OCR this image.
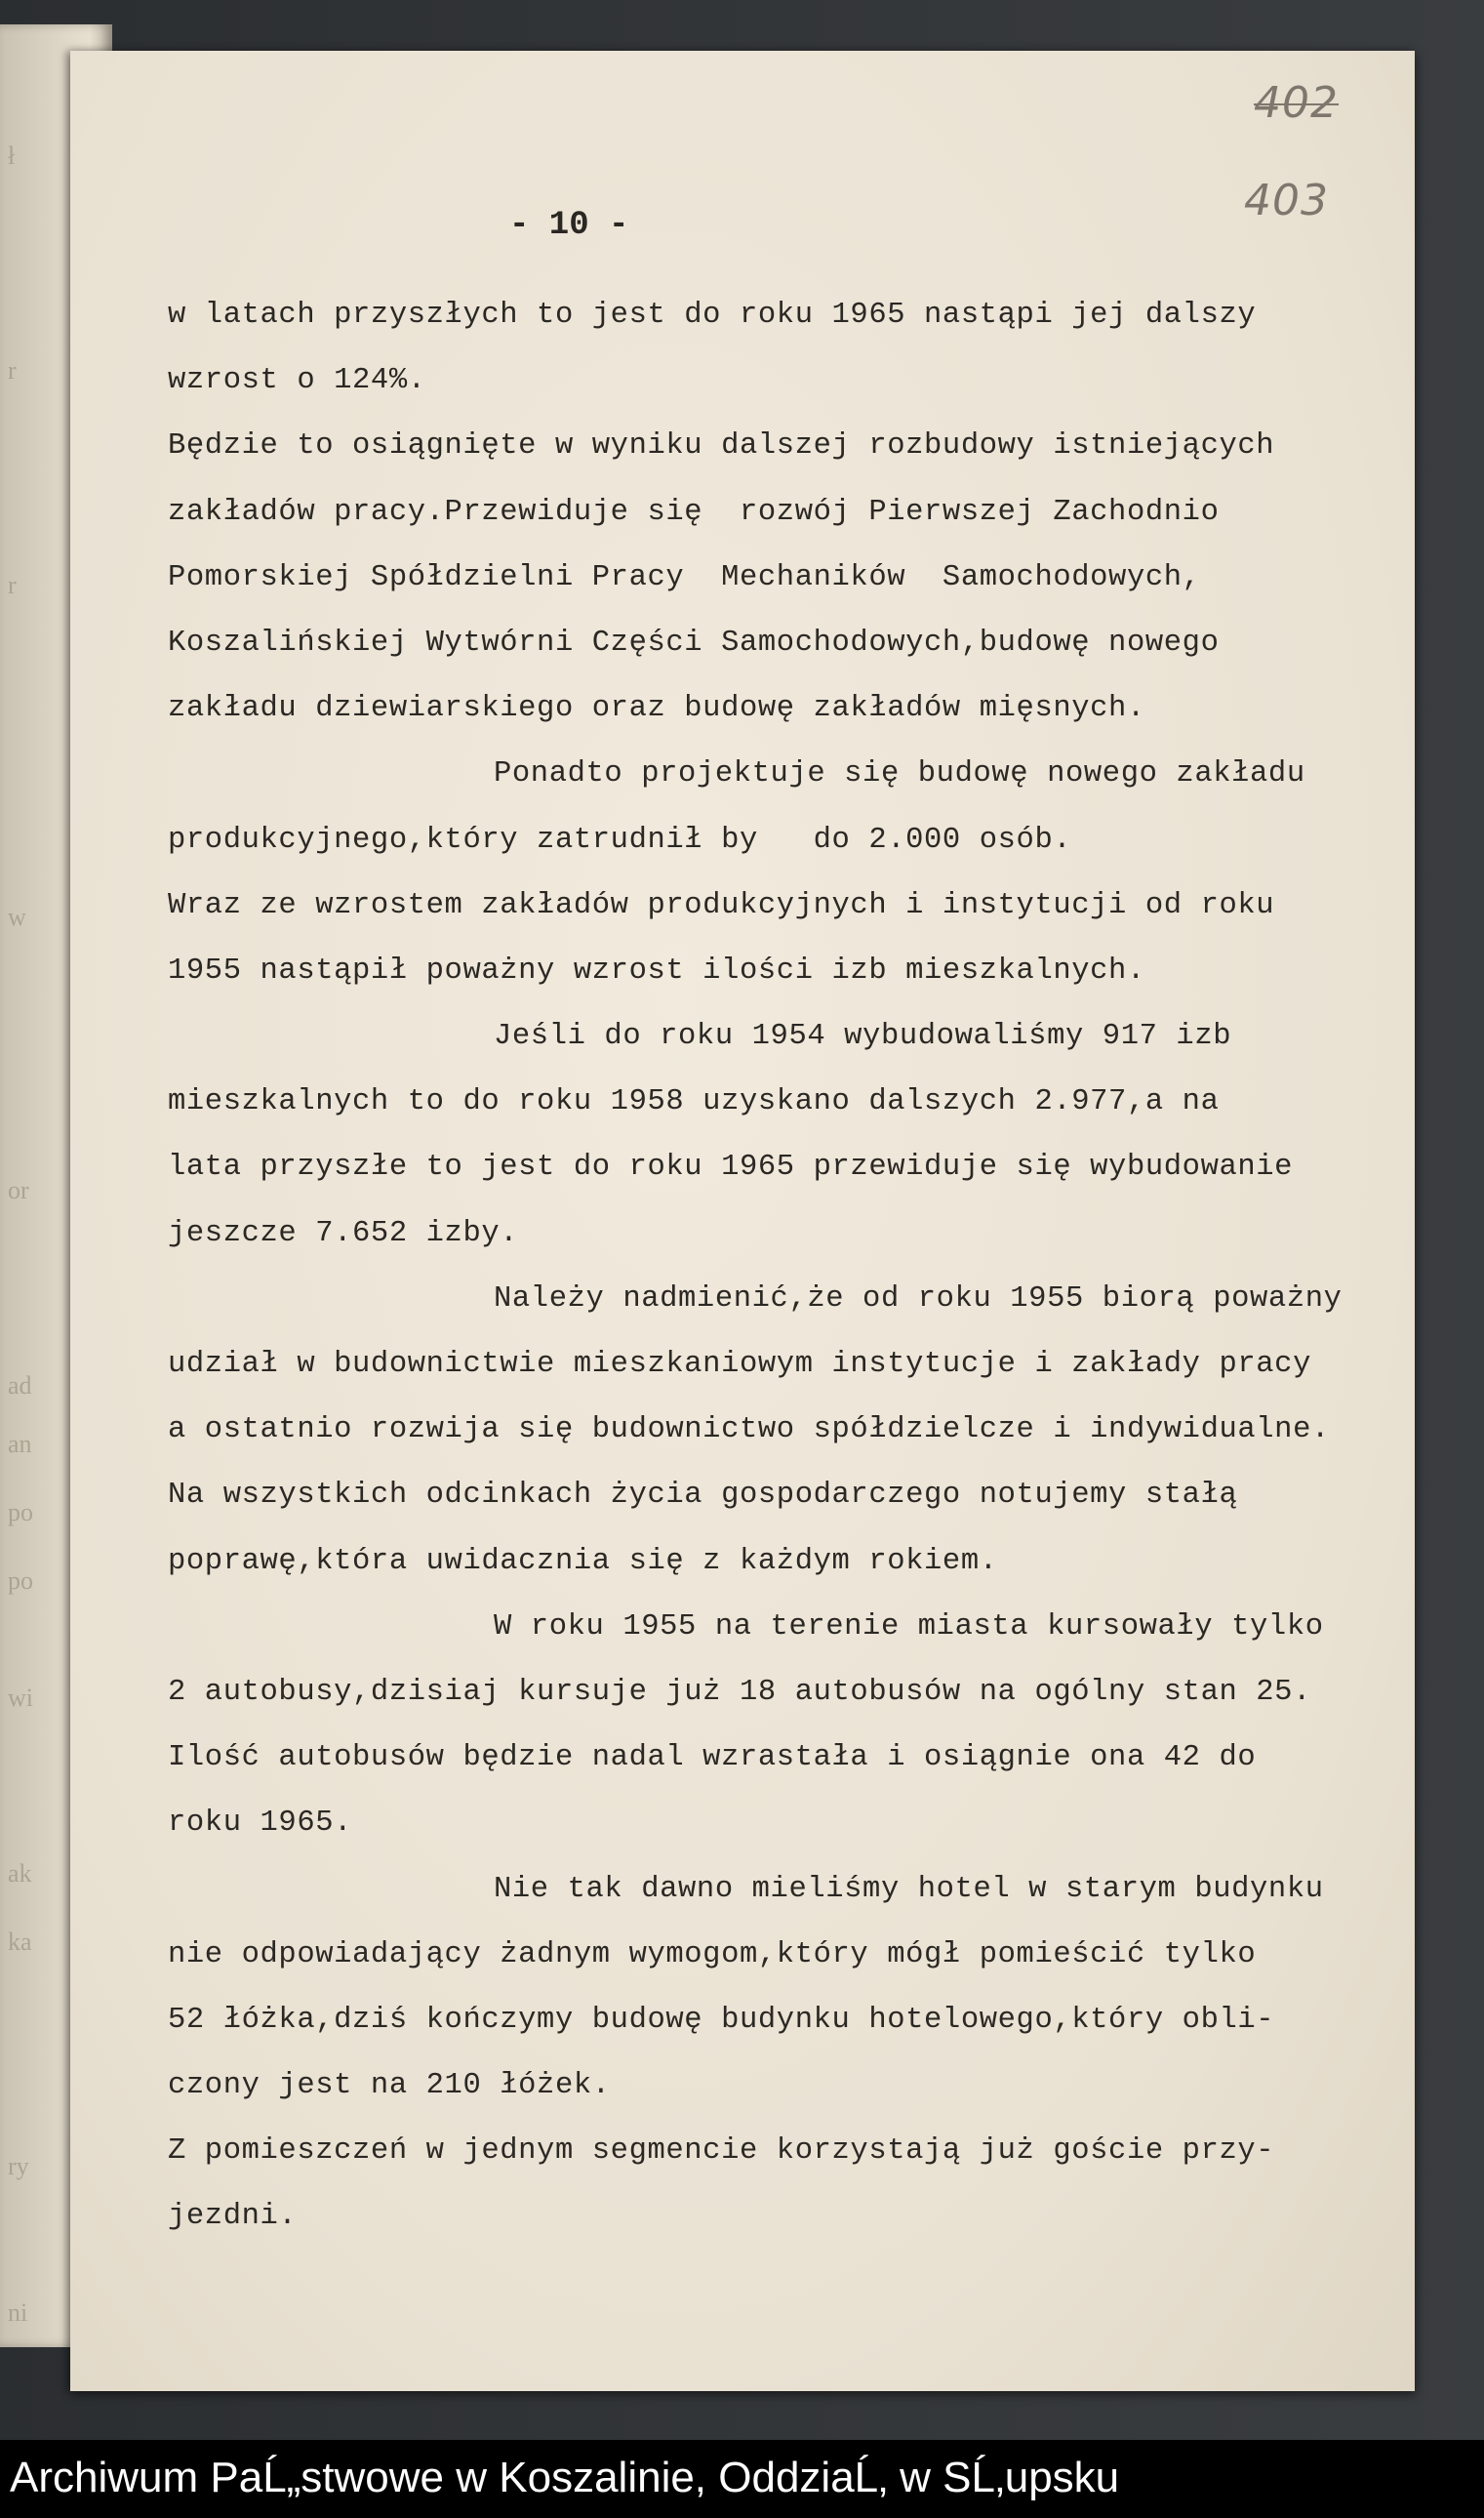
ł
r
r
w
or
ad
an
po
po
wi
ak
ka
ry
ni
402
403
- 10 -
w latach przyszłych to jest do roku 1965 nastąpi jej dalszy
wzrost o 124%.
Będzie to osiągnięte w wyniku dalszej rozbudowy istniejących
zakładów pracy.Przewiduje się  rozwój Pierwszej Zachodnio
Pomorskiej Spółdzielni Pracy  Mechaników  Samochodowych,
Koszalińskiej Wytwórni Części Samochodowych,budowę nowego
zakładu dziewiarskiego oraz budowę zakładów mięsnych.
Ponadto projektuje się budowę nowego zakładu
produkcyjnego,który zatrudnił by   do 2.000 osób.
Wraz ze wzrostem zakładów produkcyjnych i instytucji od roku
1955 nastąpił poważny wzrost ilości izb mieszkalnych.
Jeśli do roku 1954 wybudowaliśmy 917 izb
mieszkalnych to do roku 1958 uzyskano dalszych 2.977,a na
lata przyszłe to jest do roku 1965 przewiduje się wybudowanie
jeszcze 7.652 izby.
Należy nadmienić,że od roku 1955 biorą poważny
udział w budownictwie mieszkaniowym instytucje i zakłady pracy
a ostatnio rozwija się budownictwo spółdzielcze i indywidualne.
Na wszystkich odcinkach życia gospodarczego notujemy stałą
poprawę,która uwidacznia się z każdym rokiem.
W roku 1955 na terenie miasta kursowały tylko
2 autobusy,dzisiaj kursuje już 18 autobusów na ogólny stan 25.
Ilość autobusów będzie nadal wzrastała i osiągnie ona 42 do
roku 1965.
Nie tak dawno mieliśmy hotel w starym budynku
nie odpowiadający żadnym wymogom,który mógł pomieścić tylko
52 łóżka,dziś kończymy budowę budynku hotelowego,który obli-
czony jest na 210 łóżek.
Z pomieszczeń w jednym segmencie korzystają już goście przy-
jezdni.
Archiwum PaĹ„stwowe w Koszalinie, OddziaĹ‚ w SĹ‚upsku
